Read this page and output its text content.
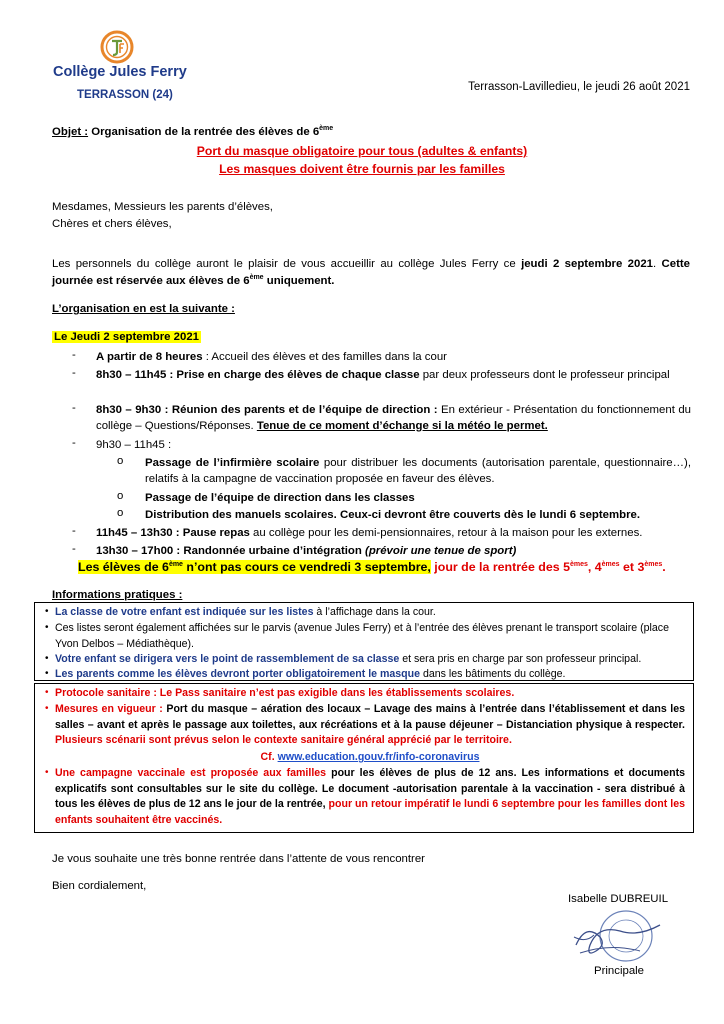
Collège Jules Ferry
TERRASSON (24)
Terrasson-Lavilledieu, le jeudi 26 août 2021
Objet : Organisation de la rentrée des élèves de 6ème
Port du masque obligatoire pour tous (adultes & enfants)
Les masques doivent être fournis par les familles
Mesdames, Messieurs les parents d’élèves,
Chères et chers élèves,
Les personnels du collège auront le plaisir de vous accueillir au collège Jules Ferry ce jeudi 2 septembre 2021. Cette journée est réservée aux élèves de 6ème uniquement.
L’organisation en est la suivante :
Le Jeudi 2 septembre 2021
- A partir de 8 heures : Accueil des élèves et des familles dans la cour
- 8h30 – 11h45 : Prise en charge des élèves de chaque classe par deux professeurs dont le professeur principal
- 8h30 – 9h30 : Réunion des parents et de l’équipe de direction : En extérieur - Présentation du fonctionnement du collège – Questions/Réponses. Tenue de ce moment d’échange si la météo le permet.
- 9h30 – 11h45 :
o Passage de l’infirmière scolaire pour distribuer les documents (autorisation parentale, questionnaire…), relatifs à la campagne de vaccination proposée en faveur des élèves.
o Passage de l’équipe de direction dans les classes
o Distribution des manuels scolaires. Ceux-ci devront être couverts dès le lundi 6 septembre.
- 11h45 – 13h30 : Pause repas au collège pour les demi-pensionnaires, retour à la maison pour les externes.
- 13h30 – 17h00 : Randonnée urbaine d’intégration (prévoir une tenue de sport)
Les élèves de 6ème n’ont pas cours ce vendredi 3 septembre, jour de la rentrée des 5èmes, 4èmes et 3èmes.
Informations pratiques :
• La classe de votre enfant est indiquée sur les listes à l’affichage dans la cour.
• Ces listes seront également affichées sur le parvis (avenue Jules Ferry) et à l’entrée des élèves prenant le transport scolaire (place Yvon Delbos – Médiathèque).
• Votre enfant se dirigera vers le point de rassemblement de sa classe et sera pris en charge par son professeur principal.
• Les parents comme les élèves devront porter obligatoirement le masque dans les bâtiments du collège.
• Protocole sanitaire : Le Pass sanitaire n’est pas exigible dans les établissements scolaires.
• Mesures en vigueur : Port du masque – aération des locaux – Lavage des mains à l’entrée dans l’établissement et dans les salles – avant et après le passage aux toilettes, aux récréations et à la pause déjeuner – Distanciation physique à respecter. Plusieurs scénarii sont prévus selon le contexte sanitaire général apprécié par le territoire.
Cf. www.education.gouv.fr/info-coronavirus
• Une campagne vaccinale est proposée aux familles pour les élèves de plus de 12 ans. Les informations et documents explicatifs sont consultables sur le site du collège. Le document -autorisation parentale à la vaccination - sera distribué à tous les élèves de plus de 12 ans le jour de la rentrée, pour un retour impératif le lundi 6 septembre pour les familles dont les enfants souhaitent être vaccinés.
Je vous souhaite une très bonne rentrée dans l’attente de vous rencontrer
Bien cordialement,
Isabelle DUBREUIL
Principale
